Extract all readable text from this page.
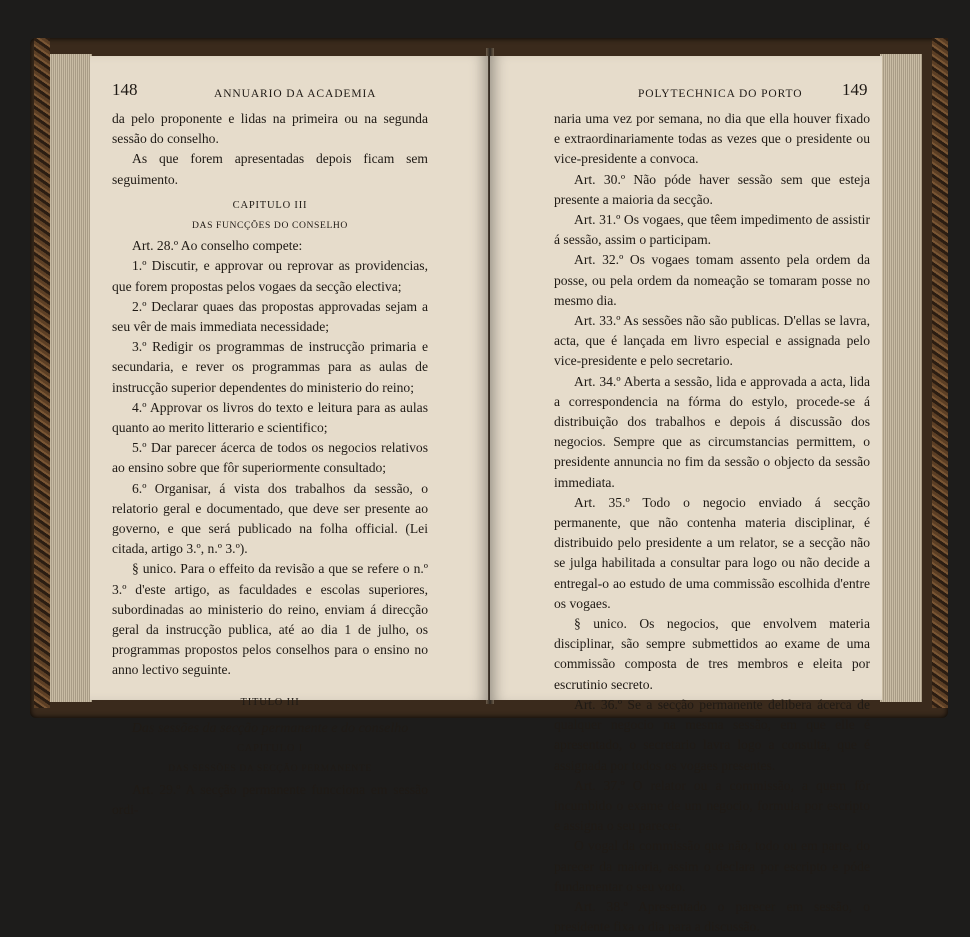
148	ANNUARIO DA ACADEMIA

da pelo proponente e lidas na primeira ou na segunda sessão do conselho.

As que forem apresentadas depois ficam sem seguimento.

CAPITULO III

DAS FUNCÇÕES DO CONSELHO

Art. 28.º Ao conselho compete:

1.º Discutir, e approvar ou reprovar as providencias, que forem propostas pelos vogaes da secção electiva;

2.º Declarar quaes das propostas approvadas sejam a seu vêr de mais immediata necessidade;

3.º Redigir os programmas de instrucção primaria e secundaria, e rever os programmas para as aulas de instrucção superior dependentes do ministerio do reino;

4.º Approvar os livros do texto e leitura para as aulas quanto ao merito litterario e scientifico;

5.º Dar parecer ácerca de todos os negocios relativos ao ensino sobre que fôr superiormente consultado;

6.º Organisar, á vista dos trabalhos da sessão, o relatorio geral e documentado, que deve ser presente ao governo, e que será publicado na folha official. (Lei citada, artigo 3.º, n.º 3.º).

§ unico. Para o effeito da revisão a que se refere o n.º 3.º d'este artigo, as faculdades e escolas superiores, subordinadas ao ministerio do reino, enviam á direcção geral da instrucção publica, até ao dia 1 de julho, os programmas propostos pelos conselhos para o ensino no anno lectivo seguinte.

TITULO III

Das sessões da secção permanente e do conselho

CAPITULO I

DAS SESSÕES DA SECÇÃO PERMANENTE

Art. 29.º A secção permanente funcciona em sessão ordi-

POLYTECHNICA DO PORTO 149

naria uma vez por semana, no dia que ella houver fixado e extraordinariamente todas as vezes que o presidente ou vice-presidente a convoca.

Art. 30.º Não póde haver sessão sem que esteja presente a maioria da secção.

Art. 31.º Os vogaes, que têem impedimento de assistir á sessão, assim o participam.

Art. 32.º Os vogaes tomam assento pela ordem da posse, ou pela ordem da nomeação se tomaram posse no mesmo dia.

Art. 33.º As sessões não são publicas. D'ellas se lavra, acta, que é lançada em livro especial e assignada pelo vice-presidente e pelo secretario.

Art. 34.º Aberta a sessão, lida e approvada a acta, lida a correspondencia na fórma do estylo, procede-se á distribuição dos trabalhos e depois á discussão dos negocios. Sempre que as circumstancias permittem, o presidente annuncia no fim da sessão o objecto da sessão immediata.

Art. 35.º Todo o negocio enviado á secção permanente, que não contenha materia disciplinar, é distribuido pelo presidente a um relator, se a secção não se julga habilitada a consultar para logo ou não decide a entregal-o ao estudo de uma commissão escolhida d'entre os vogaes.

§ unico. Os negocios, que envolvem materia disciplinar, são sempre submettidos ao exame de uma commissão composta de tres membros e eleita por escrutinio secreto.

Art. 36.º Se a secção permanente delibera ácerca de qualquer negocio na mesma sessão, em que elle é apresentado, o secretario lavra logo a consulta, que é assignada por todos os vogaes presentes.

Art. 37.º O relator ou a commissão, a quem fôr incumbido o exame de um negocio, formula por escripto e assigna o seu parecer.

O vogal da commissão que não, todo ou em parte, do parecer da maioria, assim o declara por escripto e póde fundamentar o seu voto.

Art. 38.º Apresentado o parecer em sessão, o presidente fixa o dia para a discussão.
